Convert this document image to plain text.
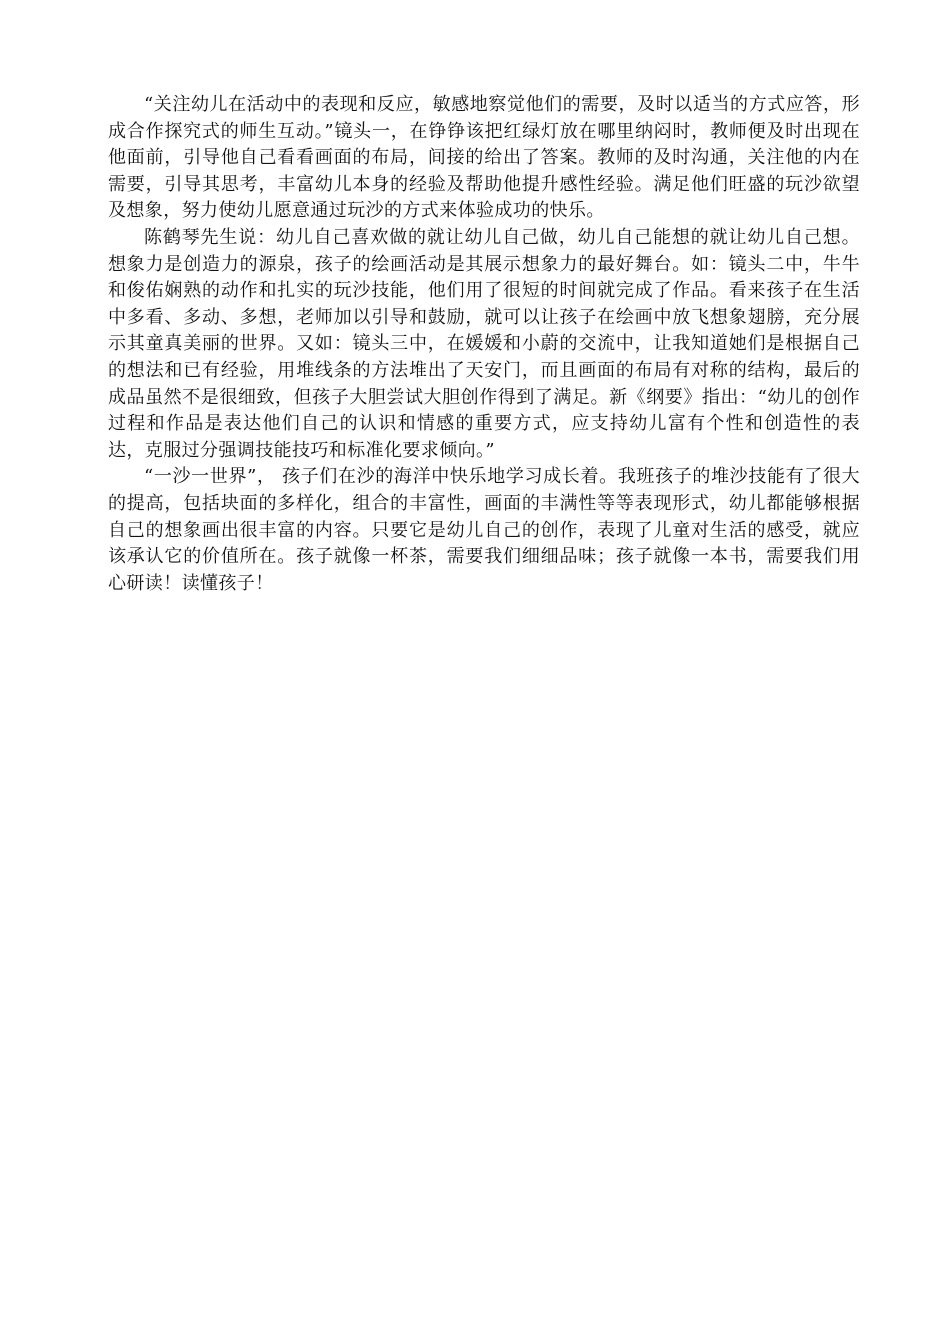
“关注幼儿在活动中的表现和反应，敏感地察觉他们的需要，及时以适当的方式应答，形成合作探究式的师生互动。”镜头一，在铮铮该把红绿灯放在哪里纳闷时，教师便及时出现在他面前，引导他自己看看画面的布局，间接的给出了答案。教师的及时沟通，关注他的内在需要，引导其思考，丰富幼儿本身的经验及帮助他提升感性经验。满足他们旺盛的玩沙欲望及想象，努力使幼儿愿意通过玩沙的方式来体验成功的快乐。

陈鹤琴先生说：幼儿自己喜欢做的就让幼儿自己做，幼儿自己能想的就让幼儿自己想。想象力是创造力的源泉，孩子的绘画活动是其展示想象力的最好舞台。如：镜头二中，牛牛和俊佑娴熟的动作和扎实的玩沙技能，他们用了很短的时间就完成了作品。看来孩子在生活中多看、多动、多想，老师加以引导和鼓励，就可以让孩子在绘画中放飞想象翅膀，充分展示其童真美丽的世界。又如：镜头三中，在媛媛和小蔚的交流中，让我知道她们是根据自己的想法和已有经验，用堆线条的方法堆出了天安门，而且画面的布局有对称的结构，最后的成品虽然不是很细致，但孩子大胆尝试大胆创作得到了满足。新《纲要》指出：“幼儿的创作过程和作品是表达他们自己的认识和情感的重要方式，应支持幼儿富有个性和创造性的表达，克服过分强调技能技巧和标准化要求倾向。”

“一沙一世界”， 孩子们在沙的海洋中快乐地学习成长着。我班孩子的堆沙技能有了很大的提高，包括块面的多样化，组合的丰富性，画面的丰满性等等表现形式，幼儿都能够根据自己的想象画出很丰富的内容。只要它是幼儿自己的创作，表现了儿童对生活的感受，就应该承认它的价值所在。孩子就像一杯茶，需要我们细细品味；孩子就像一本书，需要我们用心研读！读懂孩子！
